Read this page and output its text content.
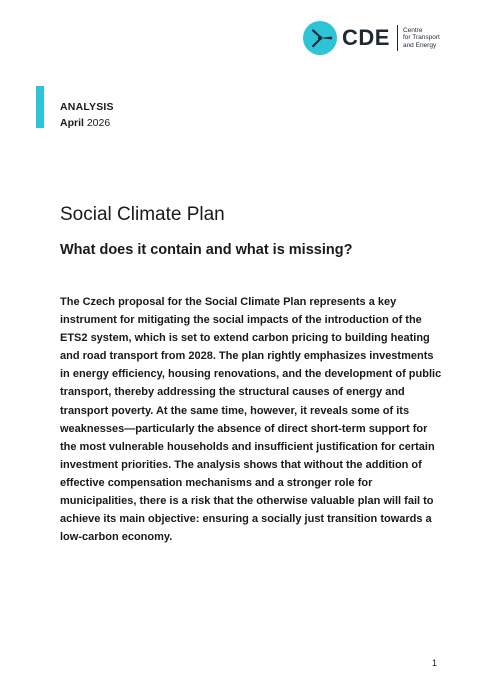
CDE Centre
for Transport
and Energy
ANALYSIS
April 2026
Social Climate Plan
What does it contain and what is missing?

The Czech proposal for the Social Climate Plan represents a key instrument for mitigating the social impacts of the introduction of the ETS2 system, which is set to extend carbon pricing to building heating and road transport from 2028. The plan rightly emphasizes investments in energy efficiency, housing renovations, and the development of public transport, thereby addressing the structural causes of energy and transport poverty. At the same time, however, it reveals some of its weaknesses—particularly the absence of direct short-term support for the most vulnerable households and insufficient justification for certain investment priorities. The analysis shows that without the addition of effective compensation mechanisms and a stronger role for municipalities, there is a risk that the otherwise valuable plan will fail to achieve its main objective: ensuring a socially just transition towards a low-carbon economy.

1
